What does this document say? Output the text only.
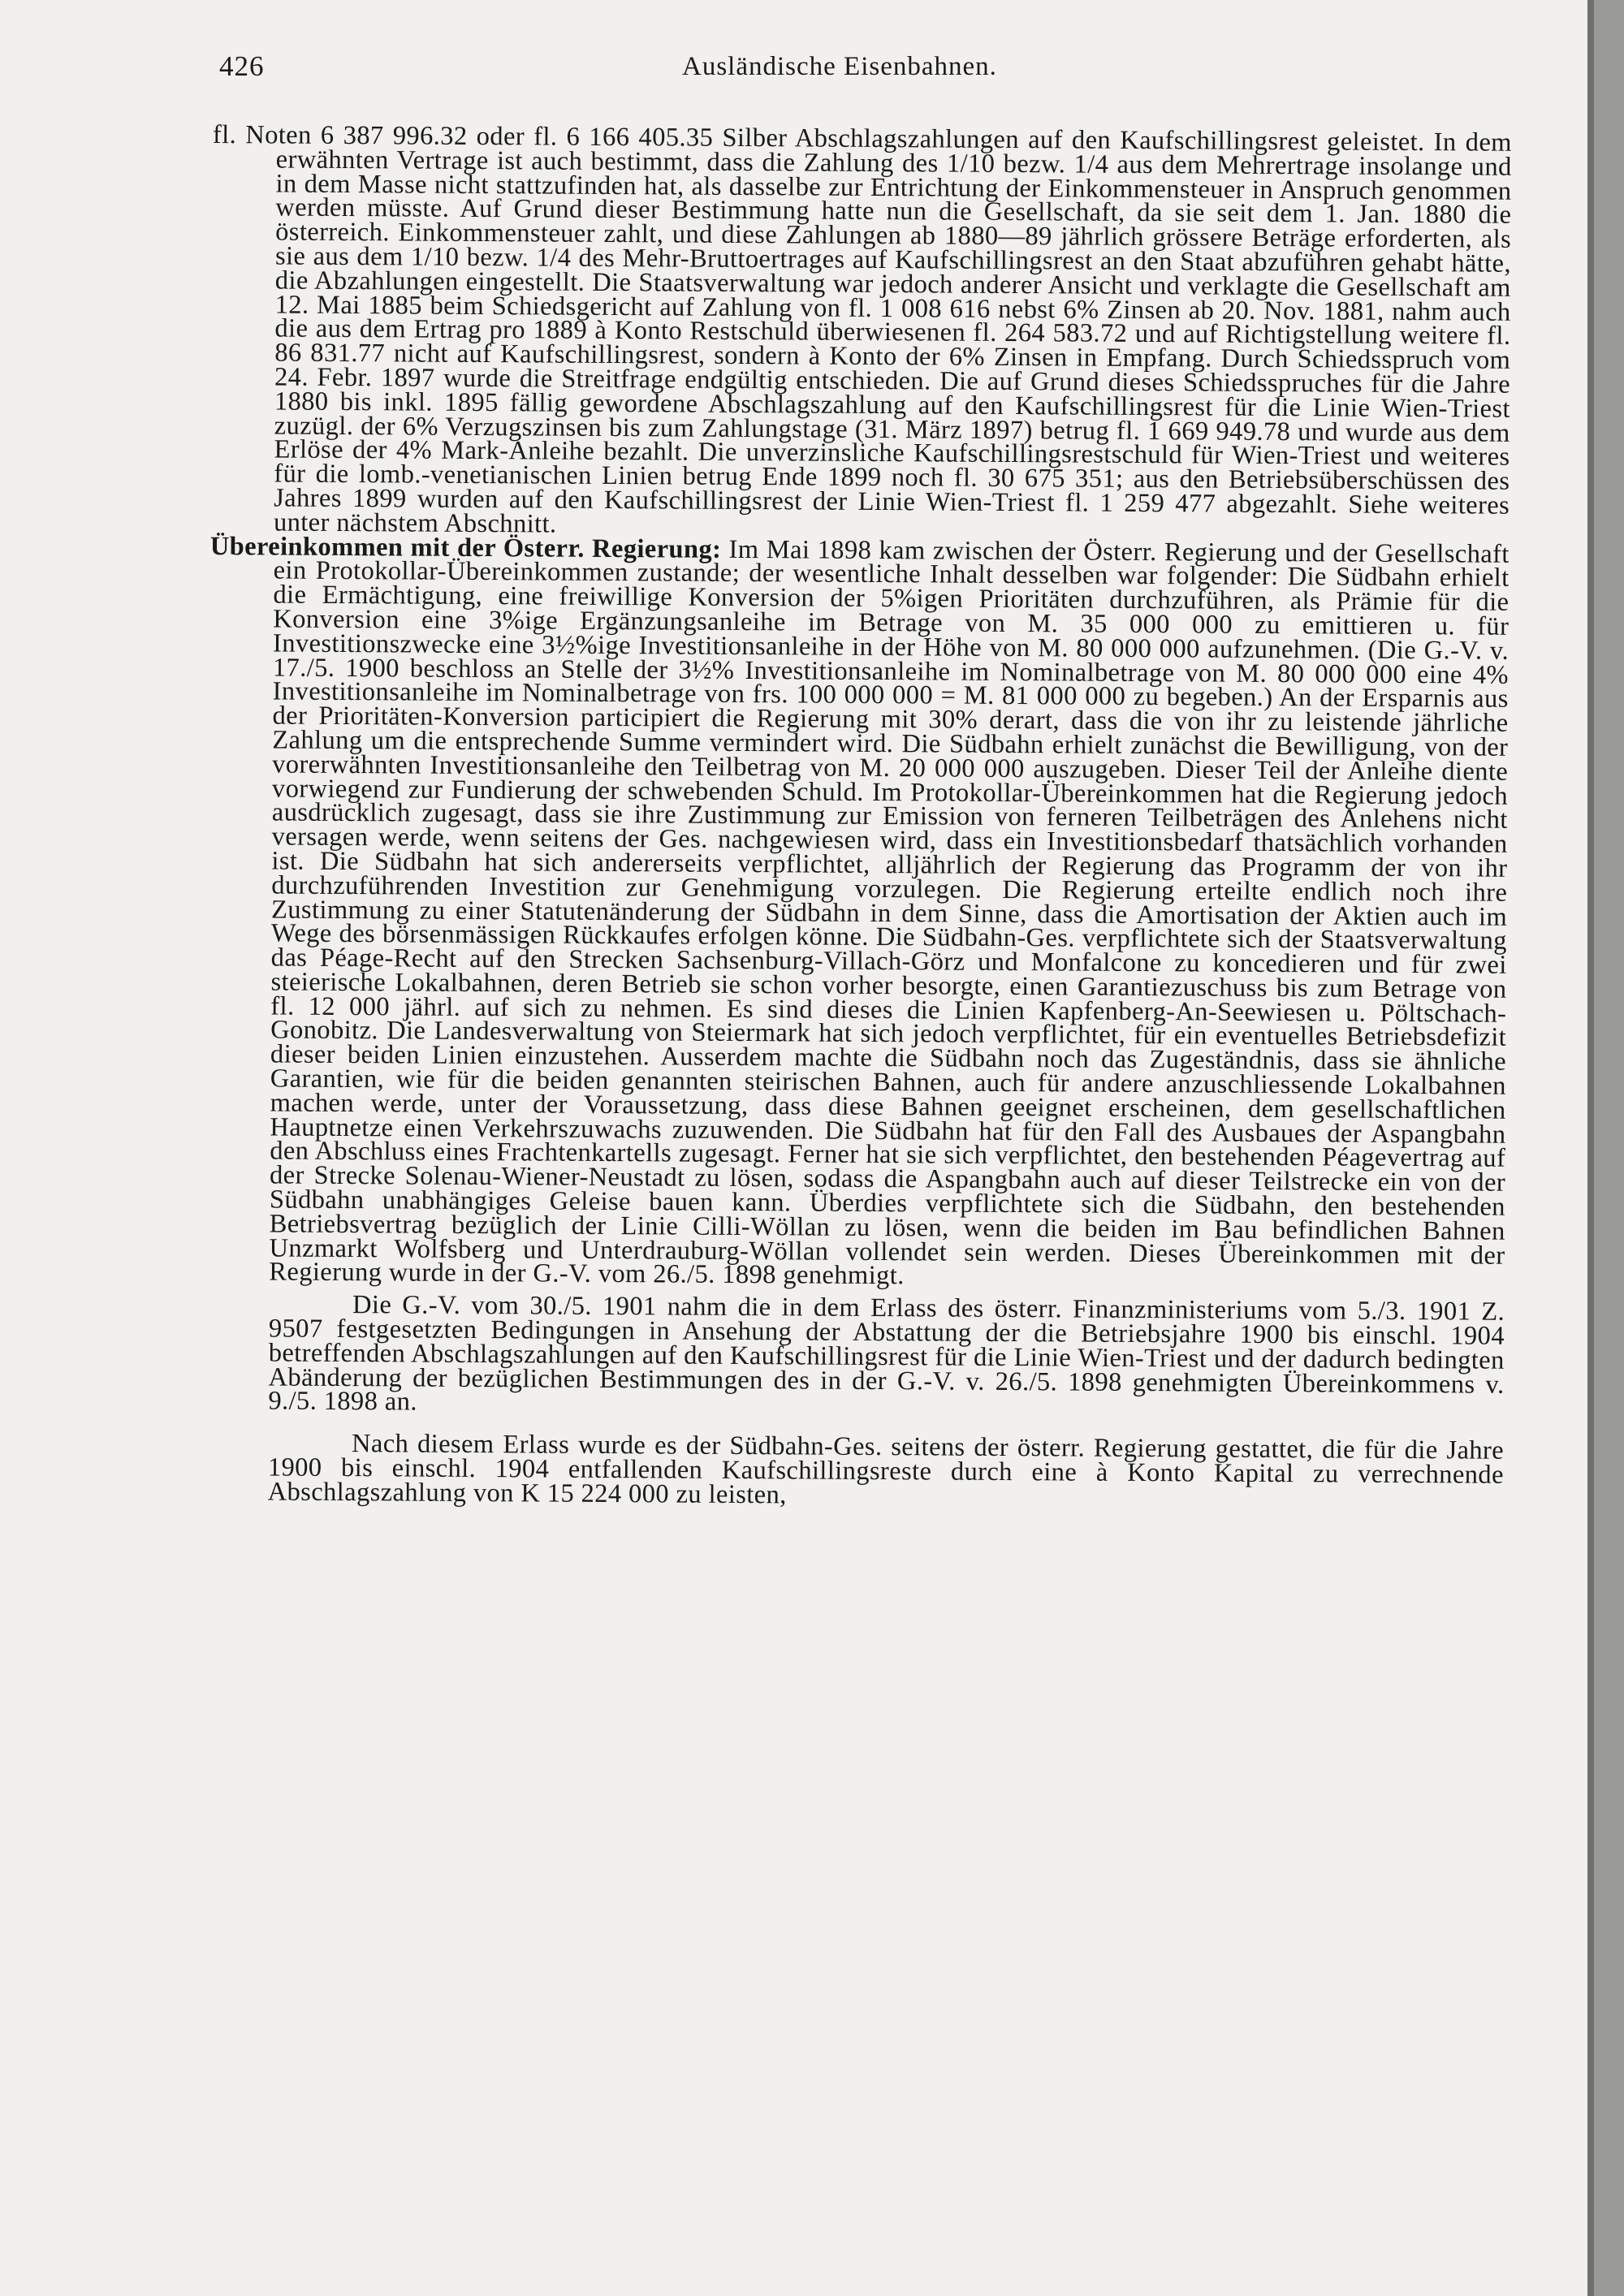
426	Ausländische Eisenbahnen.

fl. Noten 6 387 996.32 oder fl. 6 166 405.35 Silber Abschlagszahlungen auf den Kaufschillingsrest geleistet. In dem erwähnten Vertrage ist auch bestimmt, dass die Zahlung des 1/10 bezw. 1/4 aus dem Mehrertrage insolange und in dem Masse nicht stattzufinden hat, als dasselbe zur Entrichtung der Einkommensteuer in Anspruch genommen werden müsste. Auf Grund dieser Bestimmung hatte nun die Gesellschaft, da sie seit dem 1. Jan. 1880 die österreich. Einkommensteuer zahlt, und diese Zahlungen ab 1880—89 jährlich grössere Beträge erforderten, als sie aus dem 1/10 bezw. 1/4 des Mehr-Bruttoertrages auf Kaufschillingsrest an den Staat abzuführen gehabt hätte, die Abzahlungen eingestellt. Die Staatsverwaltung war jedoch anderer Ansicht und verklagte die Gesellschaft am 12. Mai 1885 beim Schiedsgericht auf Zahlung von fl. 1 008 616 nebst 6% Zinsen ab 20. Nov. 1881, nahm auch die aus dem Ertrag pro 1889 à Konto Restschuld überwiesenen fl. 264 583.72 und auf Richtigstellung weitere fl. 86 831.77 nicht auf Kaufschillingsrest, sondern à Konto der 6% Zinsen in Empfang. Durch Schiedsspruch vom 24. Febr. 1897 wurde die Streitfrage endgültig entschieden. Die auf Grund dieses Schiedsspruches für die Jahre 1880 bis inkl. 1895 fällig gewordene Abschlagszahlung auf den Kaufschillingsrest für die Linie Wien-Triest zuzügl. der 6% Verzugszinsen bis zum Zahlungstage (31. März 1897) betrug fl. 1 669 949.78 und wurde aus dem Erlöse der 4% Mark-Anleihe bezahlt. Die unverzinsliche Kaufschillingsrestschuld für Wien-Triest und weiteres für die lomb.-venetianischen Linien betrug Ende 1899 noch fl. 30 675 351; aus den Betriebsüberschüssen des Jahres 1899 wurden auf den Kaufschillingsrest der Linie Wien-Triest fl. 1 259 477 abgezahlt. Siehe weiteres unter nächstem Abschnitt.

Übereinkommen mit der Österr. Regierung: Im Mai 1898 kam zwischen der Österr. Regierung und der Gesellschaft ein Protokollar-Übereinkommen zustande; der wesentliche Inhalt desselben war folgender: Die Südbahn erhielt die Ermächtigung, eine freiwillige Konversion der 5%igen Prioritäten durchzuführen, als Prämie für die Konversion eine 3%ige Ergänzungsanleihe im Betrage von M. 35 000 000 zu emittieren u. für Investitionszwecke eine 3½%ige Investitionsanleihe in der Höhe von M. 80 000 000 aufzunehmen. (Die G.-V. v. 17./5. 1900 beschloss an Stelle der 3½% Investitionsanleihe im Nominalbetrage von M. 80 000 000 eine 4% Investitionsanleihe im Nominalbetrage von frs. 100 000 000 = M. 81 000 000 zu begeben.) An der Ersparnis aus der Prioritäten-Konversion participiert die Regierung mit 30% derart, dass die von ihr zu leistende jährliche Zahlung um die entsprechende Summe vermindert wird. Die Südbahn erhielt zunächst die Bewilligung, von der vorerwähnten Investitionsanleihe den Teilbetrag von M. 20 000 000 auszugeben. Dieser Teil der Anleihe diente vorwiegend zur Fundierung der schwebenden Schuld. Im Protokollar-Übereinkommen hat die Regierung jedoch ausdrücklich zugesagt, dass sie ihre Zustimmung zur Emission von ferneren Teilbeträgen des Anlehens nicht versagen werde, wenn seitens der Ges. nachgewiesen wird, dass ein Investitionsbedarf thatsächlich vorhanden ist. Die Südbahn hat sich andererseits verpflichtet, alljährlich der Regierung das Programm der von ihr durchzuführenden Investition zur Genehmigung vorzulegen. Die Regierung erteilte endlich noch ihre Zustimmung zu einer Statutenänderung der Südbahn in dem Sinne, dass die Amortisation der Aktien auch im Wege des börsenmässigen Rückkaufes erfolgen könne. Die Südbahn-Ges. verpflichtete sich der Staatsverwaltung das Péage-Recht auf den Strecken Sachsenburg-Villach-Görz und Monfalcone zu koncedieren und für zwei steierische Lokalbahnen, deren Betrieb sie schon vorher besorgte, einen Garantiezuschuss bis zum Betrage von fl. 12 000 jährl. auf sich zu nehmen. Es sind dieses die Linien Kapfenberg-An-Seewiesen u. Pöltschach-Gonobitz. Die Landesverwaltung von Steiermark hat sich jedoch verpflichtet, für ein eventuelles Betriebsdefizit dieser beiden Linien einzustehen. Ausserdem machte die Südbahn noch das Zugeständnis, dass sie ähnliche Garantien, wie für die beiden genannten steirischen Bahnen, auch für andere anzuschliessende Lokalbahnen machen werde, unter der Voraussetzung, dass diese Bahnen geeignet erscheinen, dem gesellschaftlichen Hauptnetze einen Verkehrszuwachs zuzuwenden. Die Südbahn hat für den Fall des Ausbaues der Aspangbahn den Abschluss eines Frachtenkartells zugesagt. Ferner hat sie sich verpflichtet, den bestehenden Péagevertrag auf der Strecke Solenau-Wiener-Neustadt zu lösen, sodass die Aspangbahn auch auf dieser Teilstrecke ein von der Südbahn unabhängiges Geleise bauen kann. Überdies verpflichtete sich die Südbahn, den bestehenden Betriebsvertrag bezüglich der Linie Cilli-Wöllan zu lösen, wenn die beiden im Bau befindlichen Bahnen Unzmarkt Wolfsberg und Unterdrauburg-Wöllan vollendet sein werden. Dieses Übereinkommen mit der Regierung wurde in der G.-V. vom 26./5. 1898 genehmigt.

Die G.-V. vom 30./5. 1901 nahm die in dem Erlass des österr. Finanzministeriums vom 5./3. 1901 Z. 9507 festgesetzten Bedingungen in Ansehung der Abstattung der die Betriebsjahre 1900 bis einschl. 1904 betreffenden Abschlagszahlungen auf den Kaufschillingsrest für die Linie Wien-Triest und der dadurch bedingten Abänderung der bezüglichen Bestimmungen des in der G.-V. v. 26./5. 1898 genehmigten Übereinkommens v. 9./5. 1898 an.

Nach diesem Erlass wurde es der Südbahn-Ges. seitens der österr. Regierung gestattet, die für die Jahre 1900 bis einschl. 1904 entfallenden Kaufschillingsreste durch eine à Konto Kapital zu verrechnende Abschlagszahlung von K 15 224 000 zu leisten,
